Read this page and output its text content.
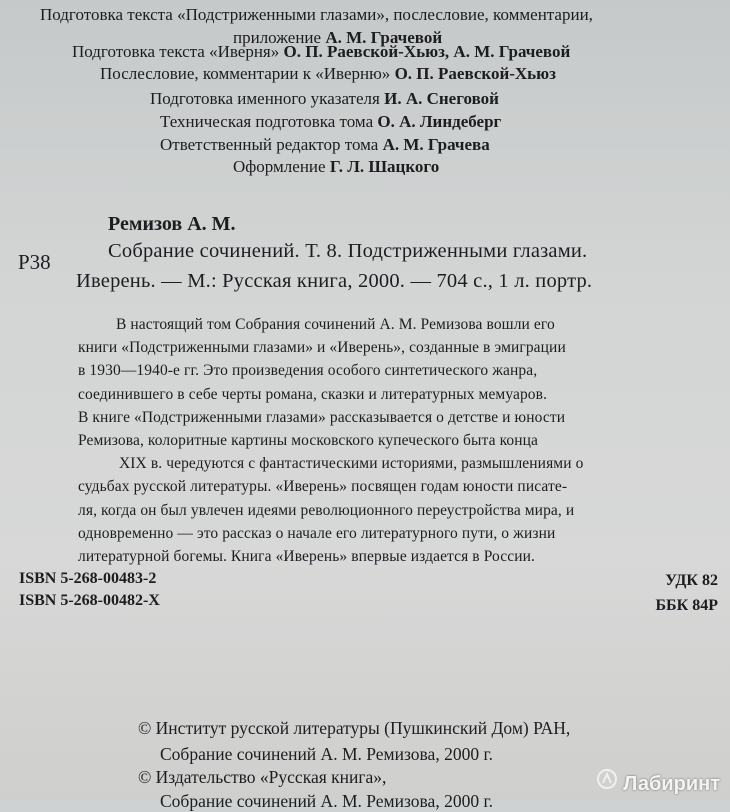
Подготовка текста «Подстриженными глазами», послесловие, комментарии,
приложение А. М. Грачевой
Подготовка текста «Иверня» О. П. Раевской-Хьюз, А. М. Грачевой
Послесловие, комментарии к «Иверню» О. П. Раевской-Хьюз
Подготовка именного указателя И. А. Снеговой
Техническая подготовка тома О. А. Линдеберг
Ответственный редактор тома А. М. Грачева
Оформление Г. Л. Шацкого
Ремизов А. М.
Р38	Собрание сочинений. Т. 8. Подстриженными глазами.
Иверень. — М.: Русская книга, 2000. — 704 с., 1 л. портр.
В настоящий том Собрания сочинений А. М. Ремизова вошли его
книги «Подстриженными глазами» и «Иверень», созданные в эмиграции
в 1930—1940-е гг. Это произведения особого синтетического жанра,
соединившего в себе черты романа, сказки и литературных мемуаров.
В книге «Подстриженными глазами» рассказывается о детстве и юности
Ремизова, колоритные картины московского купеческого быта конца
XIX в. чередуются с фантастическими историями, размышлениями о
судьбах русской литературы. «Иверень» посвящен годам юности писате-
ля, когда он был увлечен идеями революционного переустройства мира, и
одновременно — это рассказ о начале его литературного пути, о жизни
литературной богемы. Книга «Иверень» впервые издается в России.
ISBN 5-268-00483-2
ISBN 5-268-00482-X
УДК 82
ББК 84Р
© Институт русской литературы (Пушкинский Дом) РАН,
Собрание сочинений А. М. Ремизова, 2000 г.
© Издательство «Русская книга»,
Собрание сочинений А. М. Ремизова, 2000 г.
Лабиринт
